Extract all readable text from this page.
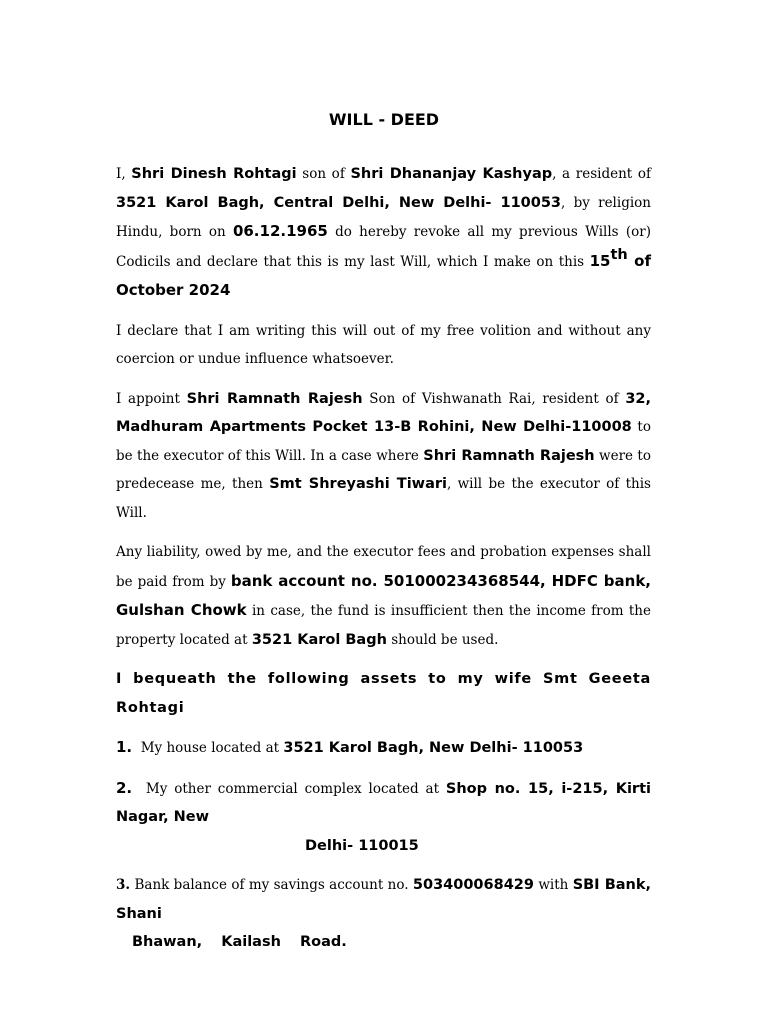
WILL - DEED

I, Shri Dinesh Rohtagi son of Shri Dhananjay Kashyap, a resident of 3521 Karol Bagh, Central Delhi, New Delhi- 110053, by religion Hindu, born on 06.12.1965 do hereby revoke all my previous Wills (or) Codicils and declare that this is my last Will, which I make on this 15th of October 2024

I declare that I am writing this will out of my free volition and without any coercion or undue influence whatsoever.

I appoint Shri Ramnath Rajesh Son of Vishwanath Rai, resident of 32, Madhuram Apartments Pocket 13-B Rohini, New Delhi-110008 to be the executor of this Will. In a case where Shri Ramnath Rajesh were to predecease me, then Smt Shreyashi Tiwari, will be the executor of this Will.

Any liability, owed by me, and the executor fees and probation expenses shall be paid from by bank account no. 501000234368544, HDFC bank, Gulshan Chowk in case, the fund is insufficient then the income from the property located at 3521 Karol Bagh should be used.

I bequeath the following assets to my wife Smt Geeeta Rohtagi

1. My house located at 3521 Karol Bagh, New Delhi- 110053

2. My other commercial complex located at Shop no. 15, i-215, Kirti Nagar, New

Delhi- 110015

3. Bank balance of my savings account no. 503400068429 with SBI Bank, Shani

Bhawan, Kailash Road.
